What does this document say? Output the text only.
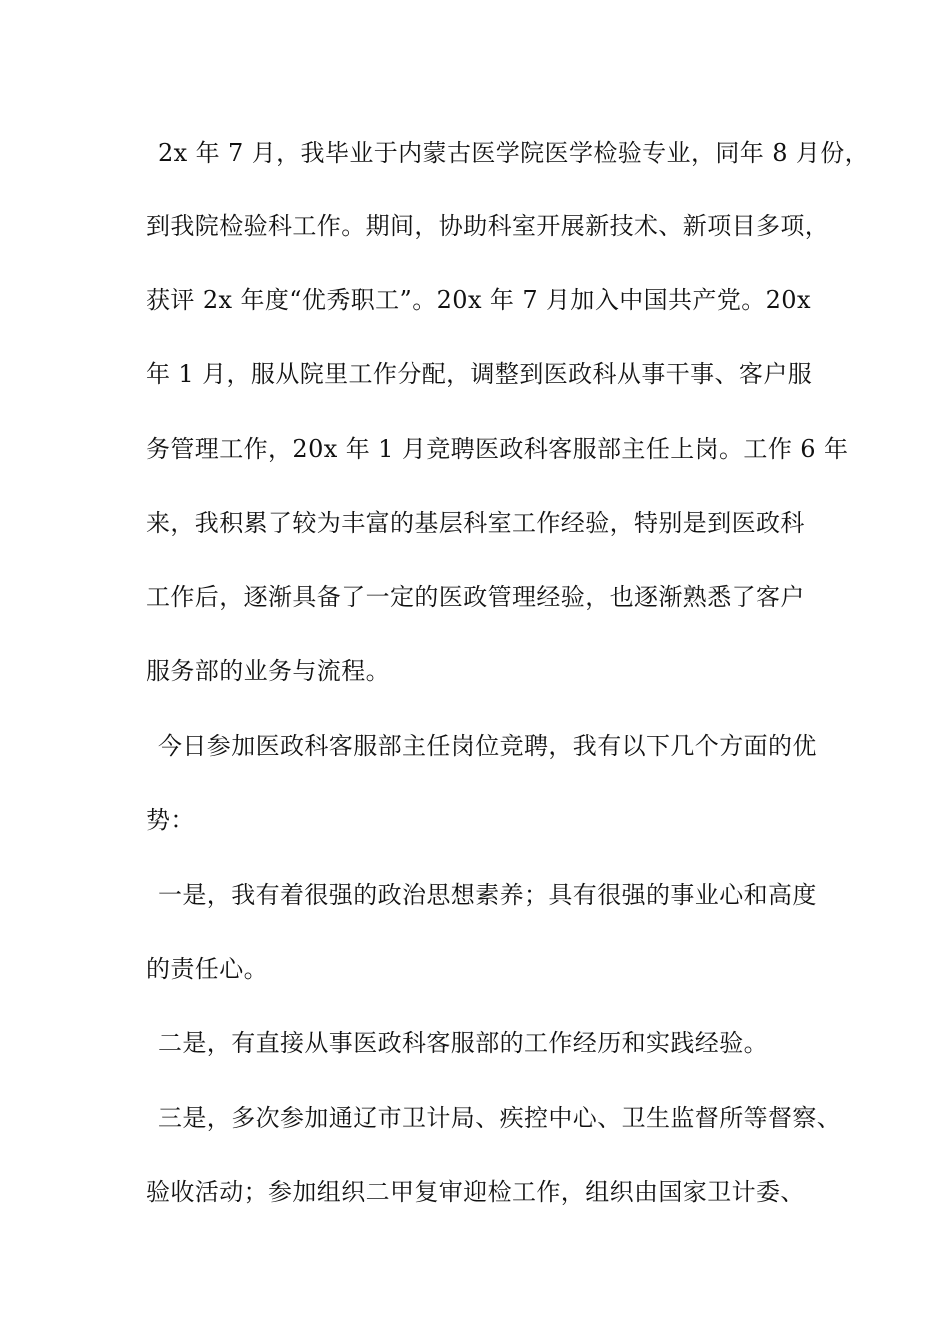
2x 年 7 月，我毕业于内蒙古医学院医学检验专业，同年 8 月份，
到我院检验科工作。期间，协助科室开展新技术、新项目多项，
获评 2x 年度“优秀职工”。20x 年 7 月加入中国共产党。20x
年 1 月，服从院里工作分配，调整到医政科从事干事、客户服
务管理工作，20x 年 1 月竞聘医政科客服部主任上岗。工作 6 年
来，我积累了较为丰富的基层科室工作经验，特别是到医政科
工作后，逐渐具备了一定的医政管理经验，也逐渐熟悉了客户
服务部的业务与流程。
今日参加医政科客服部主任岗位竞聘，我有以下几个方面的优
势：
一是，我有着很强的政治思想素养；具有很强的事业心和高度
的责任心。
二是，有直接从事医政科客服部的工作经历和实践经验。
三是，多次参加通辽市卫计局、疾控中心、卫生监督所等督察、
验收活动；参加组织二甲复审迎检工作，组织由国家卫计委、
